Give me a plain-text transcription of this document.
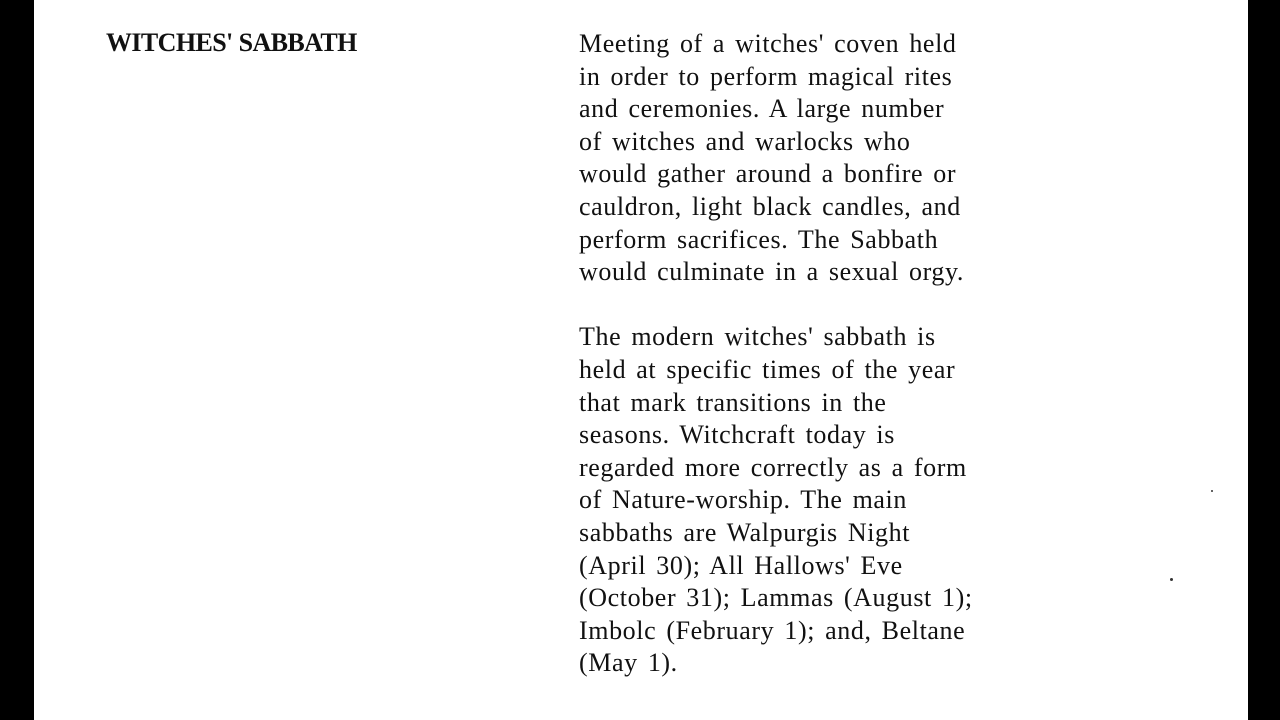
WITCHES' SABBATH	Meeting of a witches' coven held
in order to perform magical rites
and ceremonies. A large number
of witches and warlocks who
would gather around a bonfire or
cauldron, light black candles, and
perform sacrifices. The Sabbath
would culminate in a sexual orgy.

The modern witches' sabbath is
held at specific times of the year
that mark transitions in the
seasons. Witchcraft today is
regarded more correctly as a form
of Nature-worship. The main
sabbaths are Walpurgis Night
(April 30); All Hallows' Eve
(October 31); Lammas (August 1);
Imbolc (February 1); and, Beltane
(May 1).
